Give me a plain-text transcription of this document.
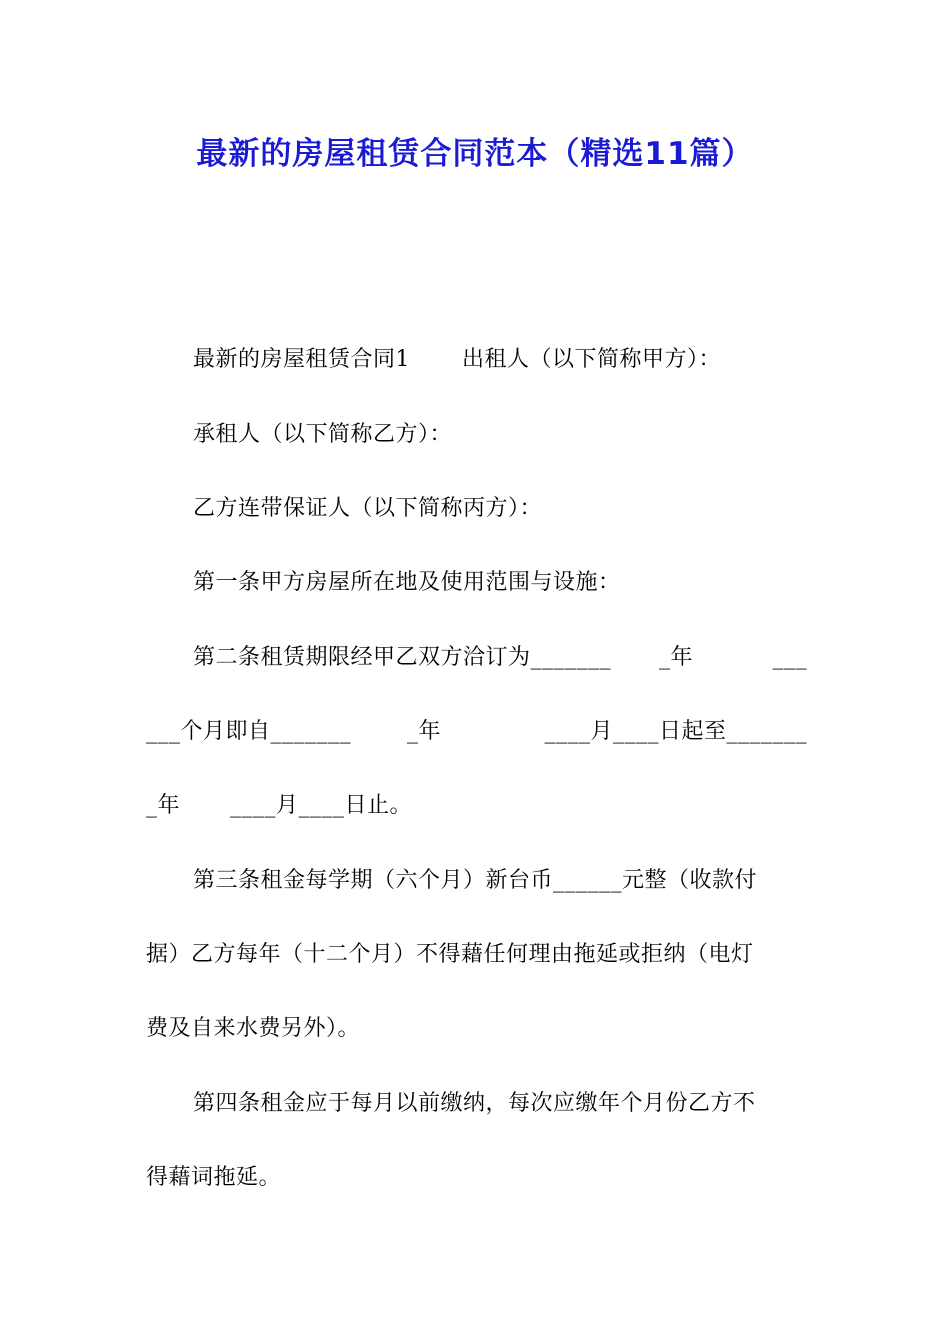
最新的房屋租赁合同范本（精选11篇）
最新的房屋租赁合同1 出租人（以下简称甲方）：
承租人（以下简称乙方）：
乙方连带保证人（以下简称丙方）：
第一条甲方房屋所在地及使用范围与设施：
第二条租赁期限经甲乙双方洽订为_______ _年	___
___个月即自_______	_年	____月____日起至_______
_年 ____月____日止。
第三条租金每学期（六个月）新台币______元整（收款付
据）乙方每年（十二个月）不得藉任何理由拖延或拒纳（电灯
费及自来水费另外）。
第四条租金应于每月以前缴纳，每次应缴年个月份乙方不
得藉词拖延。
